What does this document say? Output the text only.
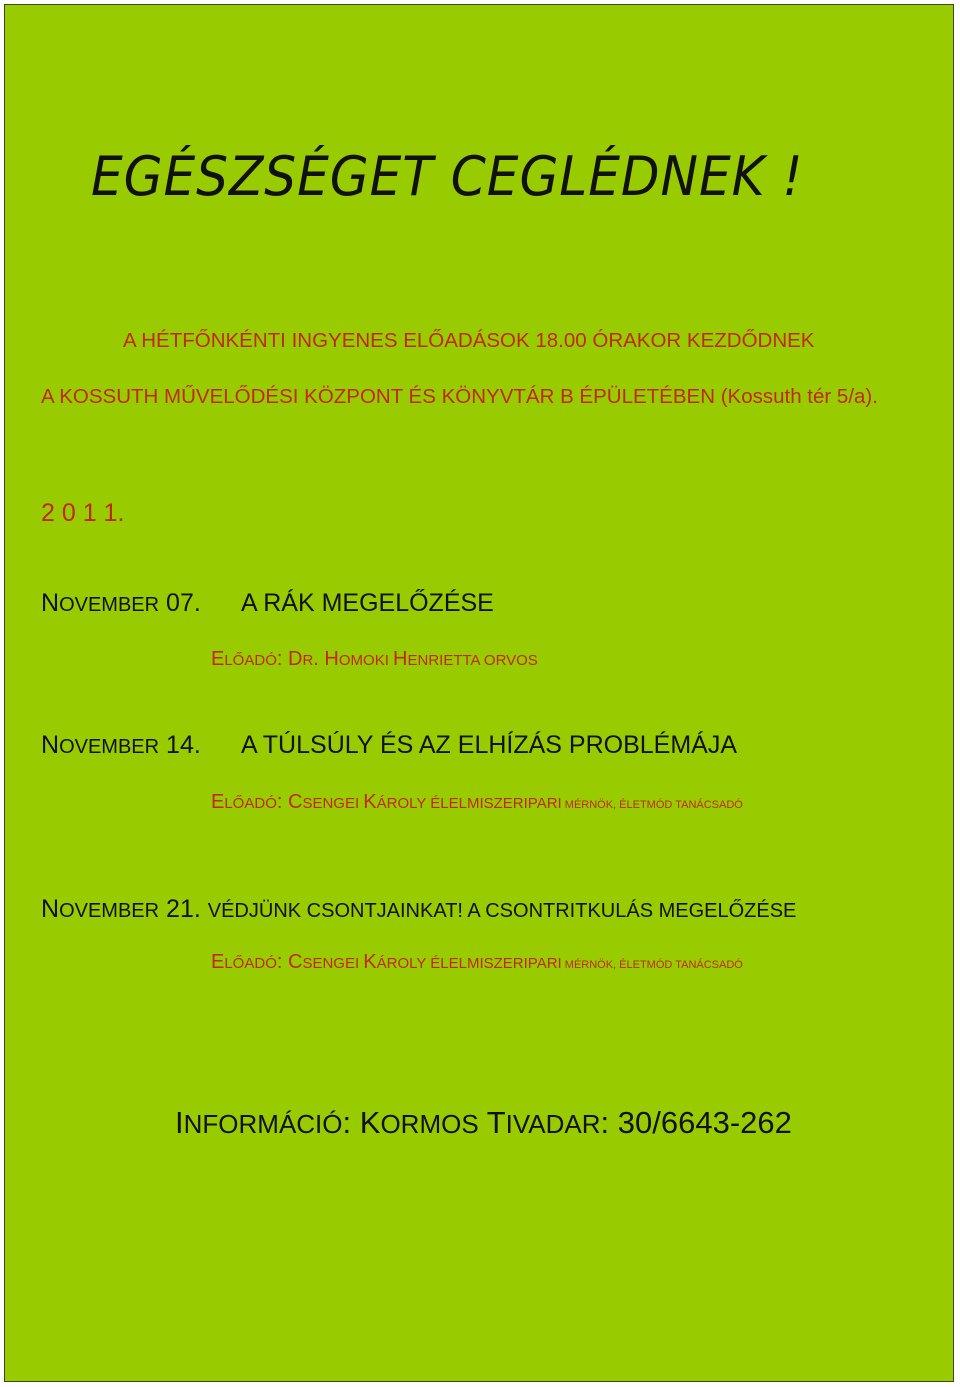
EGÉSZSÉGET CEGLÉDNEK !
A HÉTFŐNKÉNTI INGYENES ELŐADÁSOK 18.00 ÓRAKOR KEZDŐDNEK
A KOSSUTH MŰVELŐDÉSI KÖZPONT ÉS KÖNYVTÁR B ÉPÜLETÉBEN (Kossuth tér 5/a).
2 0 1 1.
NOVEMBER 07. A RÁK MEGELŐZÉSE
ELŐADÓ: DR. HOMOKI HENRIETTA ORVOS
NOVEMBER 14. A TÚLSÚLY ÉS AZ ELHÍZÁS PROBLÉMÁJA
ELŐADÓ: CSENGEI KÁROLY ÉLELMISZERIPARI MÉRNÖK, ÉLETMÓD TANÁCSADÓ
NOVEMBER 21. VÉDJÜNK CSONTJAINKAT! A CSONTRITKULÁS MEGELŐZÉSE
ELŐADÓ: CSENGEI KÁROLY ÉLELMISZERIPARI MÉRNÖK, ÉLETMÓD TANÁCSADÓ
INFORMÁCIÓ: KORMOS TIVADAR: 30/6643-262
